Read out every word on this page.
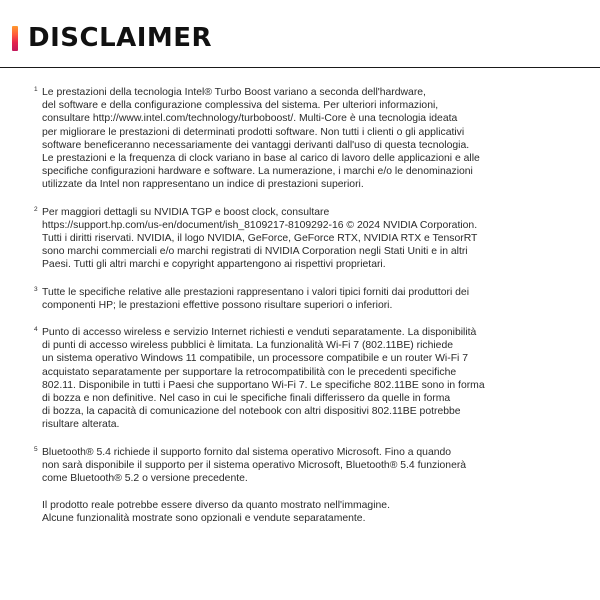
DISCLAIMER
1 Le prestazioni della tecnologia Intel® Turbo Boost variano a seconda dell'hardware,
del software e della configurazione complessiva del sistema. Per ulteriori informazioni,
consultare http://www.intel.com/technology/turboboost/. Multi-Core è una tecnologia ideata
per migliorare le prestazioni di determinati prodotti software. Non tutti i clienti o gli applicativi
software beneficeranno necessariamente dei vantaggi derivanti dall'uso di questa tecnologia.
Le prestazioni e la frequenza di clock variano in base al carico di lavoro delle applicazioni e alle
specifiche configurazioni hardware e software. La numerazione, i marchi e/o le denominazioni
utilizzate da Intel non rappresentano un indice di prestazioni superiori.
2 Per maggiori dettagli su NVIDIA TGP e boost clock, consultare
https://support.hp.com/us-en/document/ish_8109217-8109292-16 © 2024 NVIDIA Corporation.
Tutti i diritti riservati. NVIDIA, il logo NVIDIA, GeForce, GeForce RTX, NVIDIA RTX e TensorRT
sono marchi commerciali e/o marchi registrati di NVIDIA Corporation negli Stati Uniti e in altri
Paesi. Tutti gli altri marchi e copyright appartengono ai rispettivi proprietari.
3 Tutte le specifiche relative alle prestazioni rappresentano i valori tipici forniti dai produttori dei
componenti HP; le prestazioni effettive possono risultare superiori o inferiori.
4 Punto di accesso wireless e servizio Internet richiesti e venduti separatamente. La disponibilità
di punti di accesso wireless pubblici è limitata. La funzionalità Wi-Fi 7 (802.11BE) richiede
un sistema operativo Windows 11 compatibile, un processore compatibile e un router Wi-Fi 7
acquistato separatamente per supportare la retrocompatibilità con le precedenti specifiche
802.11. Disponibile in tutti i Paesi che supportano Wi-Fi 7. Le specifiche 802.11BE sono in forma
di bozza e non definitive. Nel caso in cui le specifiche finali differissero da quelle in forma
di bozza, la capacità di comunicazione del notebook con altri dispositivi 802.11BE potrebbe
risultare alterata.
5 Bluetooth® 5.4 richiede il supporto fornito dal sistema operativo Microsoft. Fino a quando
non sarà disponibile il supporto per il sistema operativo Microsoft, Bluetooth® 5.4 funzionerà
come Bluetooth® 5.2 o versione precedente.
Il prodotto reale potrebbe essere diverso da quanto mostrato nell'immagine.
Alcune funzionalità mostrate sono opzionali e vendute separatamente.
